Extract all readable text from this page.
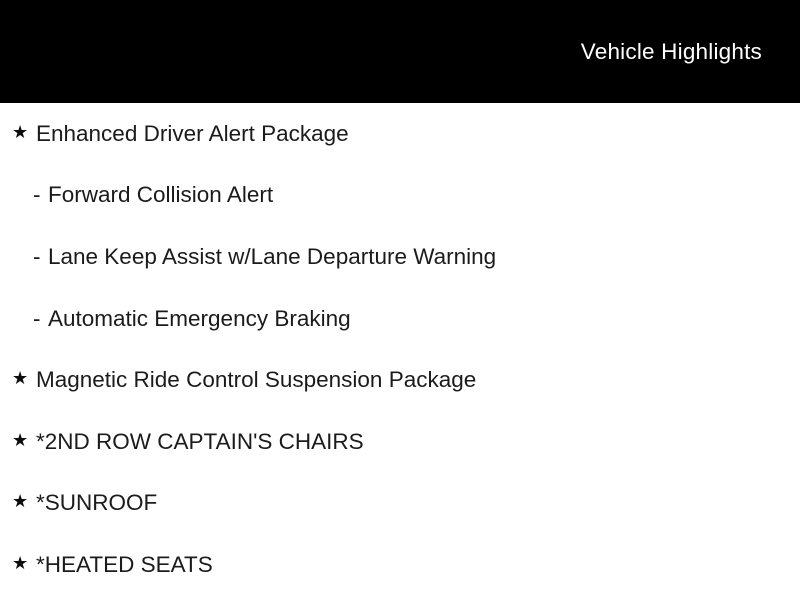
Vehicle Highlights
★ Enhanced Driver Alert Package
- Forward Collision Alert
- Lane Keep Assist w/Lane Departure Warning
- Automatic Emergency Braking
★ Magnetic Ride Control Suspension Package
★ *2ND ROW CAPTAIN'S CHAIRS
★ *SUNROOF
★ *HEATED SEATS
